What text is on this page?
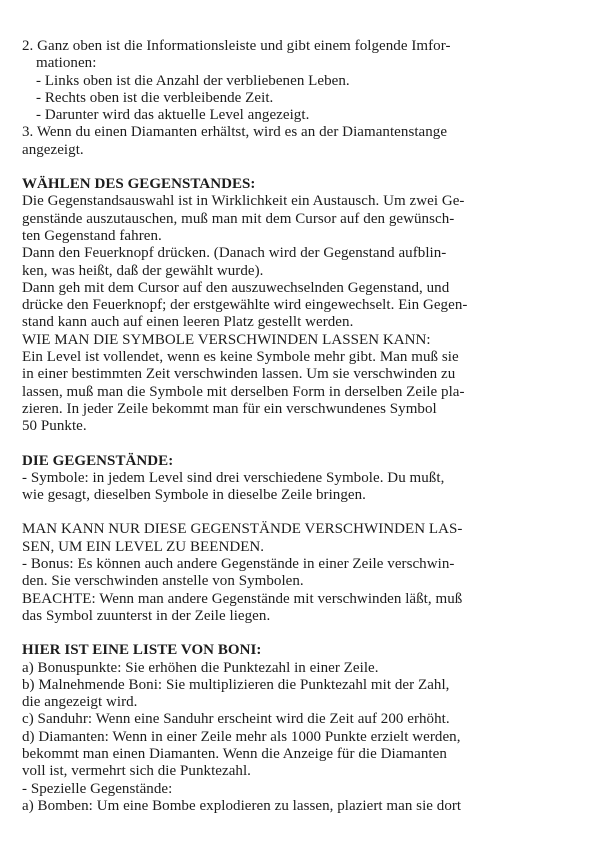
2. Ganz oben ist die Informationsleiste und gibt einem folgende Imfor-
mationen:
- Links oben ist die Anzahl der verbliebenen Leben.
- Rechts oben ist die verbleibende Zeit.
- Darunter wird das aktuelle Level angezeigt.
3. Wenn du einen Diamanten erhältst, wird es an der Diamantenstange
angezeigt.
WÄHLEN DES GEGENSTANDES:
Die Gegenstandsauswahl ist in Wirklichkeit ein Austausch. Um zwei Ge-
genstände auszutauschen, muß man mit dem Cursor auf den gewünsch-
ten Gegenstand fahren.
Dann den Feuerknopf drücken. (Danach wird der Gegenstand aufblin-
ken, was heißt, daß der gewählt wurde).
Dann geh mit dem Cursor auf den auszuwechselnden Gegenstand, und
drücke den Feuerknopf; der erstgewählte wird eingewechselt. Ein Gegen-
stand kann auch auf einen leeren Platz gestellt werden.
WIE MAN DIE SYMBOLE VERSCHWINDEN LASSEN KANN:
Ein Level ist vollendet, wenn es keine Symbole mehr gibt. Man muß sie
in einer bestimmten Zeit verschwinden lassen. Um sie verschwinden zu
lassen, muß man die Symbole mit derselben Form in derselben Zeile pla-
zieren. In jeder Zeile bekommt man für ein verschwundenes Symbol
50 Punkte.
DIE GEGENSTÄNDE:
- Symbole: in jedem Level sind drei verschiedene Symbole. Du mußt,
wie gesagt, dieselben Symbole in dieselbe Zeile bringen.
MAN KANN NUR DIESE GEGENSTÄNDE VERSCHWINDEN LAS-
SEN, UM EIN LEVEL ZU BEENDEN.
- Bonus: Es können auch andere Gegenstände in einer Zeile verschwin-
den. Sie verschwinden anstelle von Symbolen.
BEACHTE: Wenn man andere Gegenstände mit verschwinden läßt, muß
das Symbol zuunterst in der Zeile liegen.
HIER IST EINE LISTE VON BONI:
a) Bonuspunkte: Sie erhöhen die Punktezahl in einer Zeile.
b) Malnehmende Boni: Sie multiplizieren die Punktezahl mit der Zahl,
die angezeigt wird.
c) Sanduhr: Wenn eine Sanduhr erscheint wird die Zeit auf 200 erhöht.
d) Diamanten: Wenn in einer Zeile mehr als 1000 Punkte erzielt werden,
bekommt man einen Diamanten. Wenn die Anzeige für die Diamanten
voll ist, vermehrt sich die Punktezahl.
- Spezielle Gegenstände:
a) Bomben: Um eine Bombe explodieren zu lassen, plaziert man sie dort
